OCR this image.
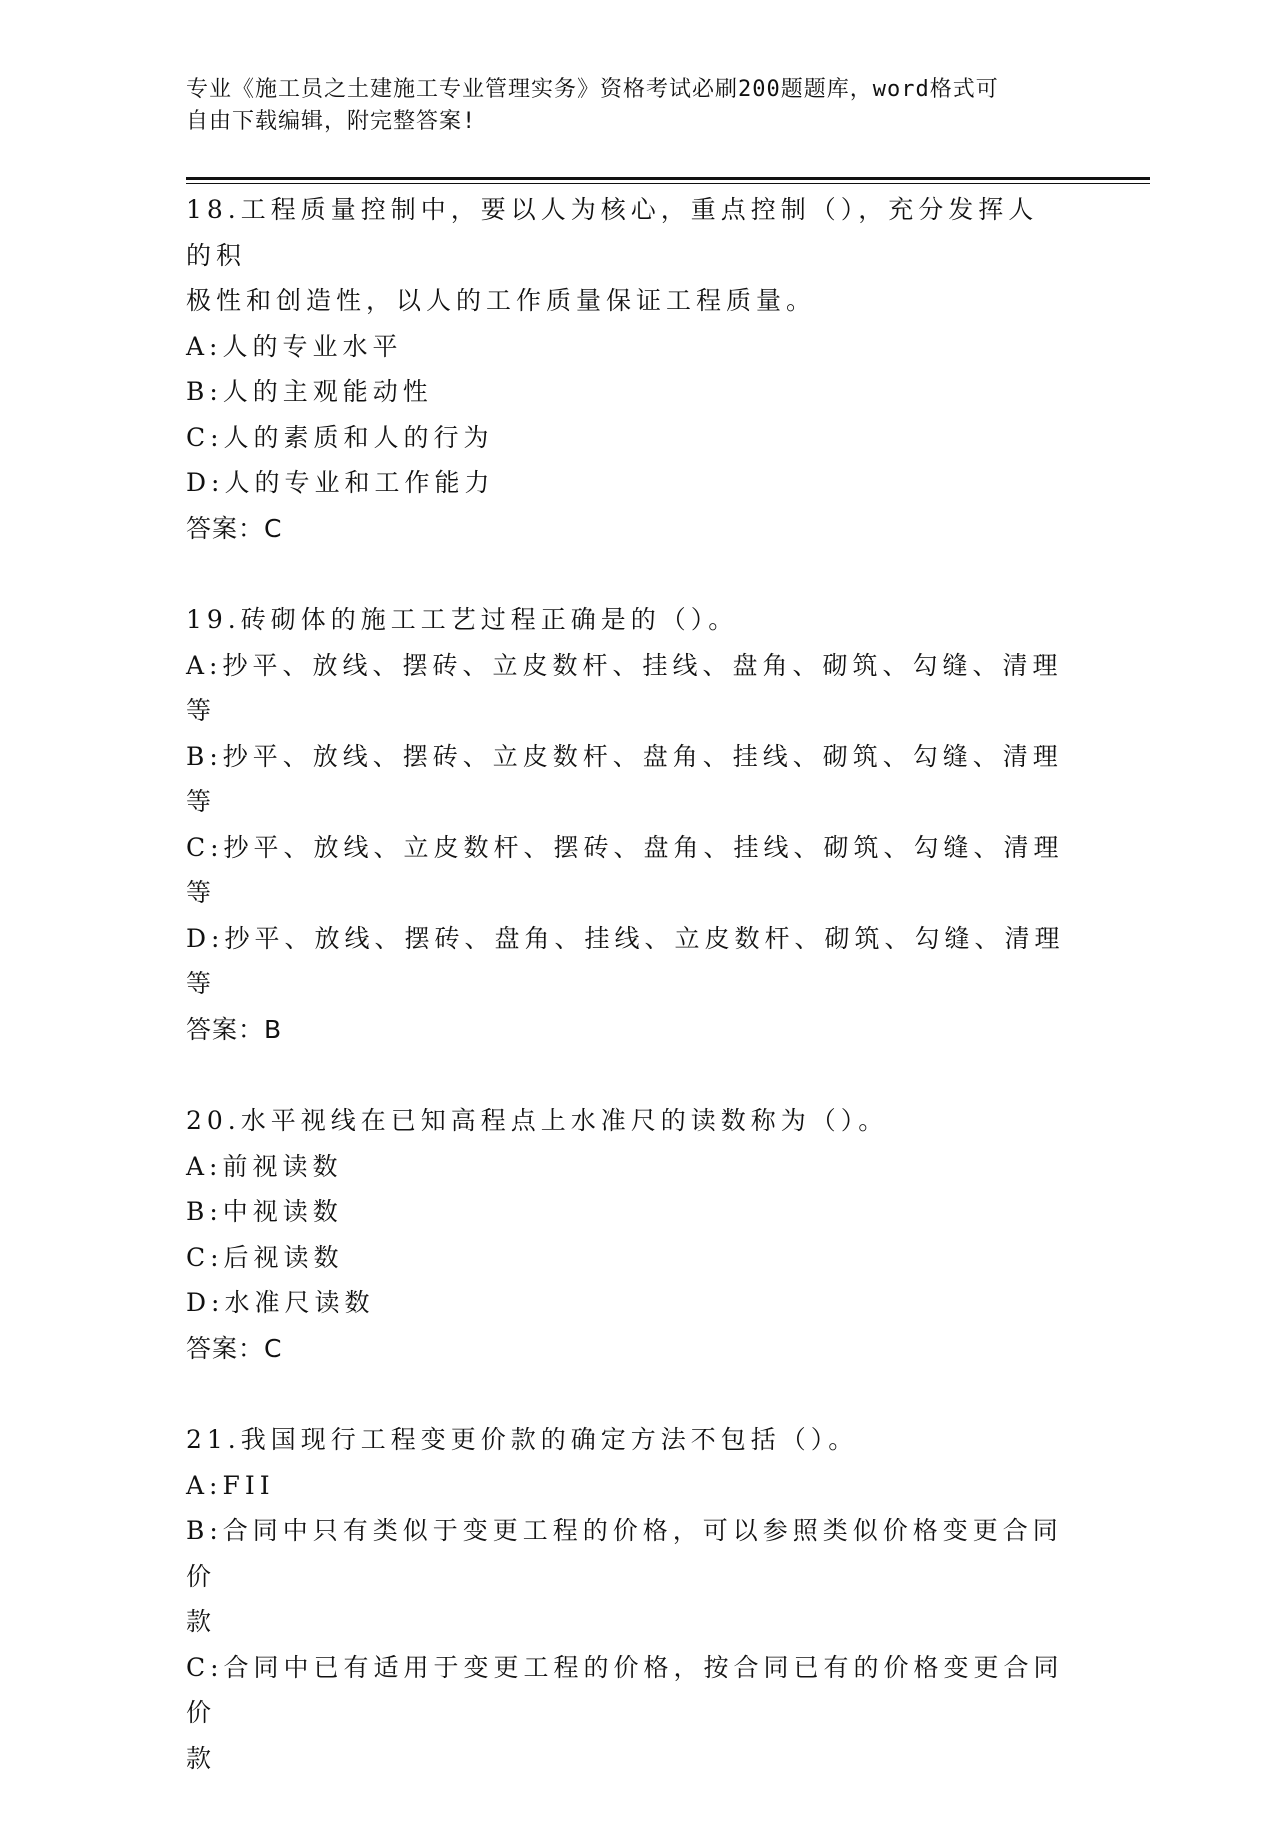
专业《施工员之土建施工专业管理实务》资格考试必刷200题题库，word格式可
自由下载编辑，附完整答案!
18.工程质量控制中，要以人为核心，重点控制（），充分发挥人的积
极性和创造性，以人的工作质量保证工程质量。
A:人的专业水平
B:人的主观能动性
C:人的素质和人的行为
D:人的专业和工作能力
答案：C
19.砖砌体的施工工艺过程正确是的（）。
A:抄平、放线、摆砖、立皮数杆、挂线、盘角、砌筑、勾缝、清理等
B:抄平、放线、摆砖、立皮数杆、盘角、挂线、砌筑、勾缝、清理等
C:抄平、放线、立皮数杆、摆砖、盘角、挂线、砌筑、勾缝、清理等
D:抄平、放线、摆砖、盘角、挂线、立皮数杆、砌筑、勾缝、清理等
答案：B
20.水平视线在已知高程点上水准尺的读数称为（）。
A:前视读数
B:中视读数
C:后视读数
D:水准尺读数
答案：C
21.我国现行工程变更价款的确定方法不包括（）。
A:FII
B:合同中只有类似于变更工程的价格，可以参照类似价格变更合同价
款
C:合同中已有适用于变更工程的价格，按合同已有的价格变更合同价
款
